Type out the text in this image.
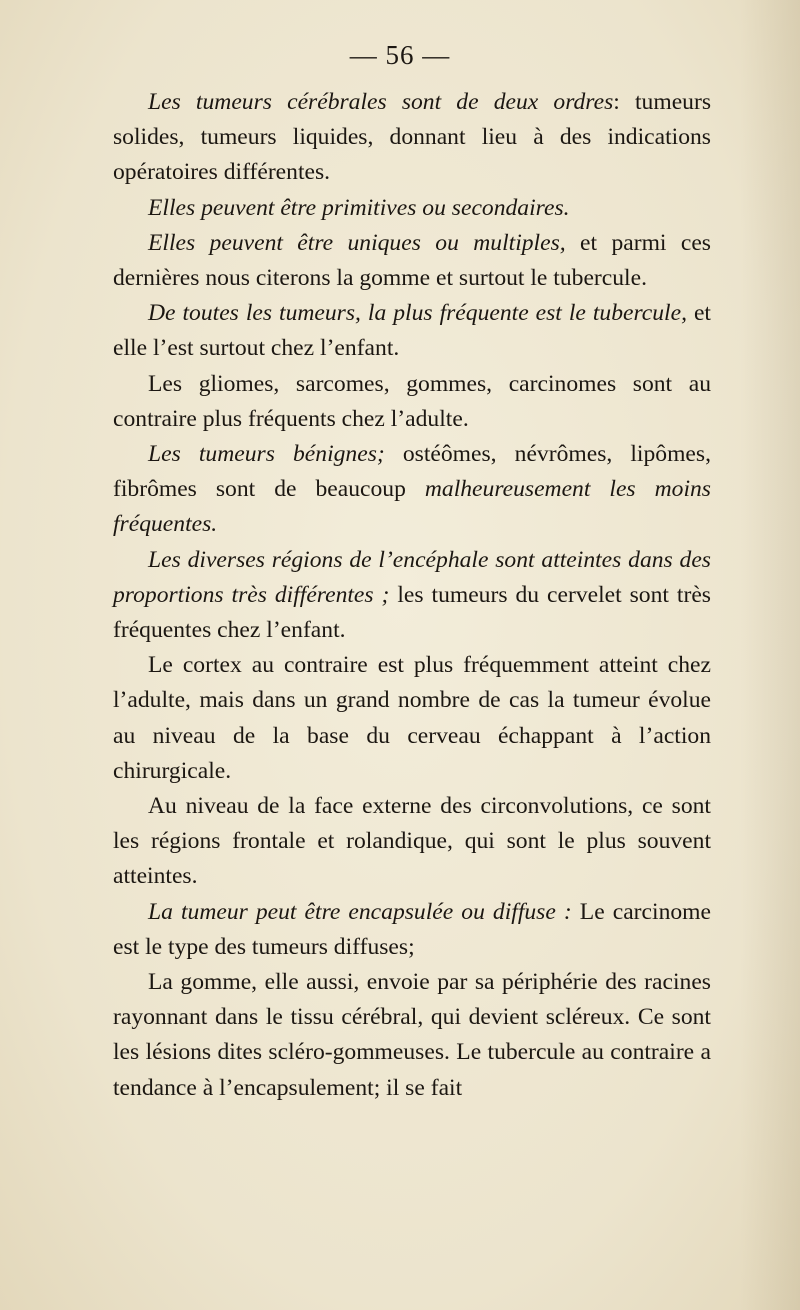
— 56 —

Les tumeurs cérébrales sont de deux ordres: tumeurs solides, tumeurs liquides, donnant lieu à des indications opératoires différentes.

Elles peuvent être primitives ou secondaires.

Elles peuvent être uniques ou multiples, et parmi ces dernières nous citerons la gomme et surtout le tubercule.

De toutes les tumeurs, la plus fréquente est le tubercule, et elle l’est surtout chez l’enfant.

Les gliomes, sarcomes, gommes, carcinomes sont au contraire plus fréquents chez l’adulte.

Les tumeurs bénignes; ostéômes, névrômes, lipômes, fibrômes sont de beaucoup malheureusement les moins fréquentes.

Les diverses régions de l’encéphale sont atteintes dans des proportions très différentes ; les tumeurs du cervelet sont très fréquentes chez l’enfant.

Le cortex au contraire est plus fréquemment atteint chez l’adulte, mais dans un grand nombre de cas la tumeur évolue au niveau de la base du cerveau échappant à l’action chirurgicale.

Au niveau de la face externe des circonvolutions, ce sont les régions frontale et rolandique, qui sont le plus souvent atteintes.

La tumeur peut être encapsulée ou diffuse : Le carcinome est le type des tumeurs diffuses;

La gomme, elle aussi, envoie par sa périphérie des racines rayonnant dans le tissu cérébral, qui devient scléreux. Ce sont les lésions dites scléro-gommeuses. Le tubercule au contraire a tendance à l’encapsulement; il se fait
